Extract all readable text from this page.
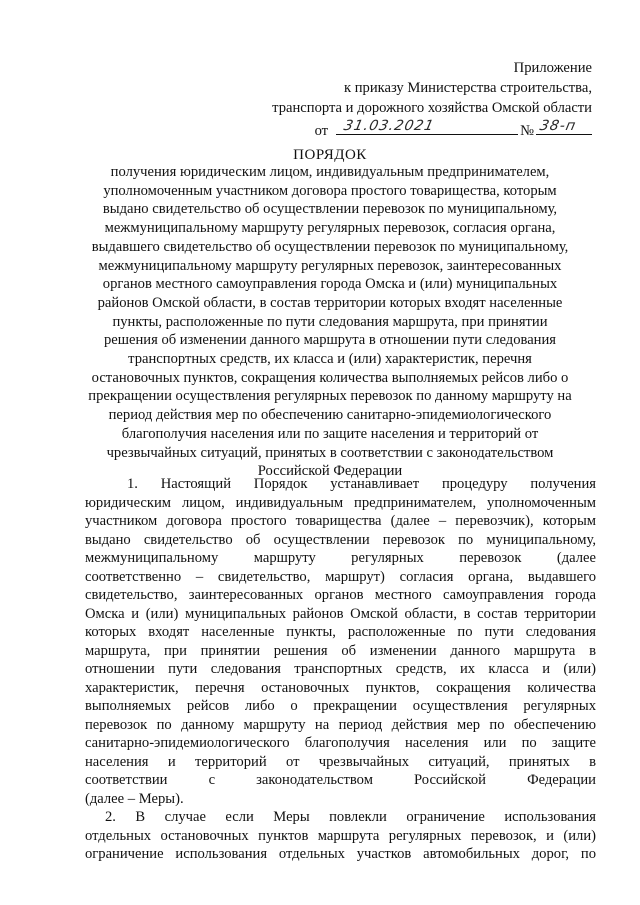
Приложение
к приказу Министерства строительства,
транспорта и дорожного хозяйства Омской области
от 31.03.2021	№ 38-п
ПОРЯДОК
получения юридическим лицом, индивидуальным предпринимателем,
уполномоченным участником договора простого товарищества, которым
выдано свидетельство об осуществлении перевозок по муниципальному,
межмуниципальному маршруту регулярных перевозок, согласия органа,
выдавшего свидетельство об осуществлении перевозок по муниципальному,
межмуниципальному маршруту регулярных перевозок, заинтересованных
органов местного самоуправления города Омска и (или) муниципальных
районов Омской области, в состав территории которых входят населенные
пункты, расположенные по пути следования маршрута, при принятии
решения об изменении данного маршрута в отношении пути следования
транспортных средств, их класса и (или) характеристик, перечня
остановочных пунктов, сокращения количества выполняемых рейсов либо о
прекращении осуществления регулярных перевозок по данному маршруту на
период действия мер по обеспечению санитарно-эпидемиологического
благополучия населения или по защите населения и территорий от
чрезвычайных ситуаций, принятых в соответствии с законодательством
Российской Федерации
1. Настоящий Порядок устанавливает процедуру получения
юридическим лицом, индивидуальным предпринимателем, уполномоченным
участником договора простого товарищества (далее – перевозчик), которым
выдано свидетельство об осуществлении перевозок по муниципальному,
межмуниципальному маршруту регулярных перевозок (далее
соответственно – свидетельство, маршрут) согласия органа, выдавшего
свидетельство, заинтересованных органов местного самоуправления города
Омска и (или) муниципальных районов Омской области, в состав территории
которых входят населенные пункты, расположенные по пути следования
маршрута, при принятии решения об изменении данного маршрута в
отношении пути следования транспортных средств, их класса и (или)
характеристик, перечня остановочных пунктов, сокращения количества
выполняемых рейсов либо о прекращении осуществления регулярных
перевозок по данному маршруту на период действия мер по обеспечению
санитарно-эпидемиологического благополучия населения или по защите
населения и территорий от чрезвычайных ситуаций, принятых в
соответствии с законодательством Российской Федерации
(далее – Меры).
2. В случае если Меры повлекли ограничение использования
отдельных остановочных пунктов маршрута регулярных перевозок, и (или)
ограничение использования отдельных участков автомобильных дорог, по
